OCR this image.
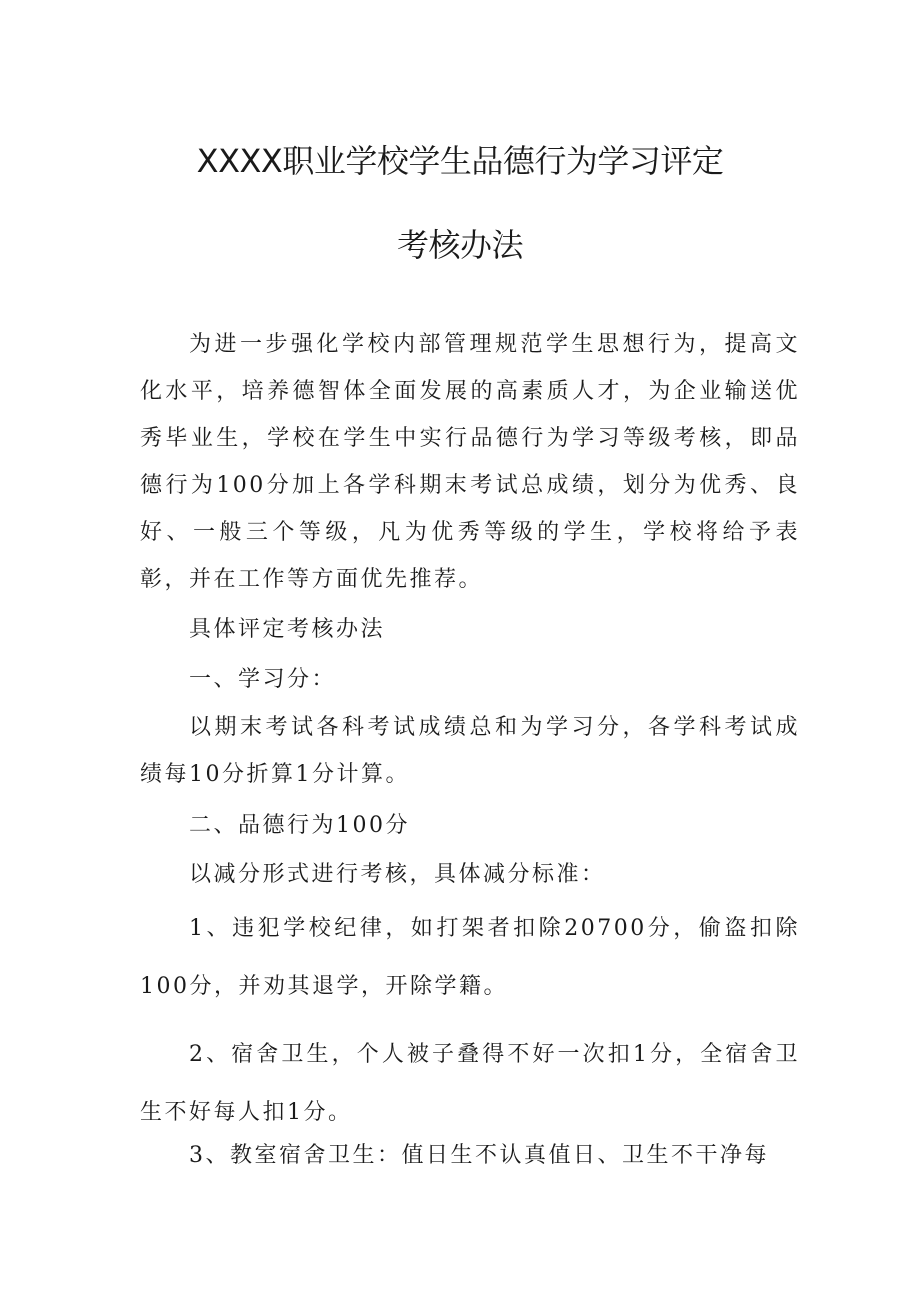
XXXX职业学校学生品德行为学习评定
考核办法

为进一步强化学校内部管理规范学生思想行为，提高文化水平，培养德智体全面发展的高素质人才，为企业输送优秀毕业生，学校在学生中实行品德行为学习等级考核，即品德行为100分加上各学科期末考试总成绩，划分为优秀、良好、一般三个等级，凡为优秀等级的学生，学校将给予表彰，并在工作等方面优先推荐。

具体评定考核办法

一、学习分：

以期末考试各科考试成绩总和为学习分，各学科考试成绩每10分折算1分计算。

二、品德行为100分

以减分形式进行考核，具体减分标准：

1、违犯学校纪律，如打架者扣除20700分，偷盗扣除100分，并劝其退学，开除学籍。

2、宿舍卫生，个人被子叠得不好一次扣1分，全宿舍卫生不好每人扣1分。

3、教室宿舍卫生：值日生不认真值日、卫生不干净每
